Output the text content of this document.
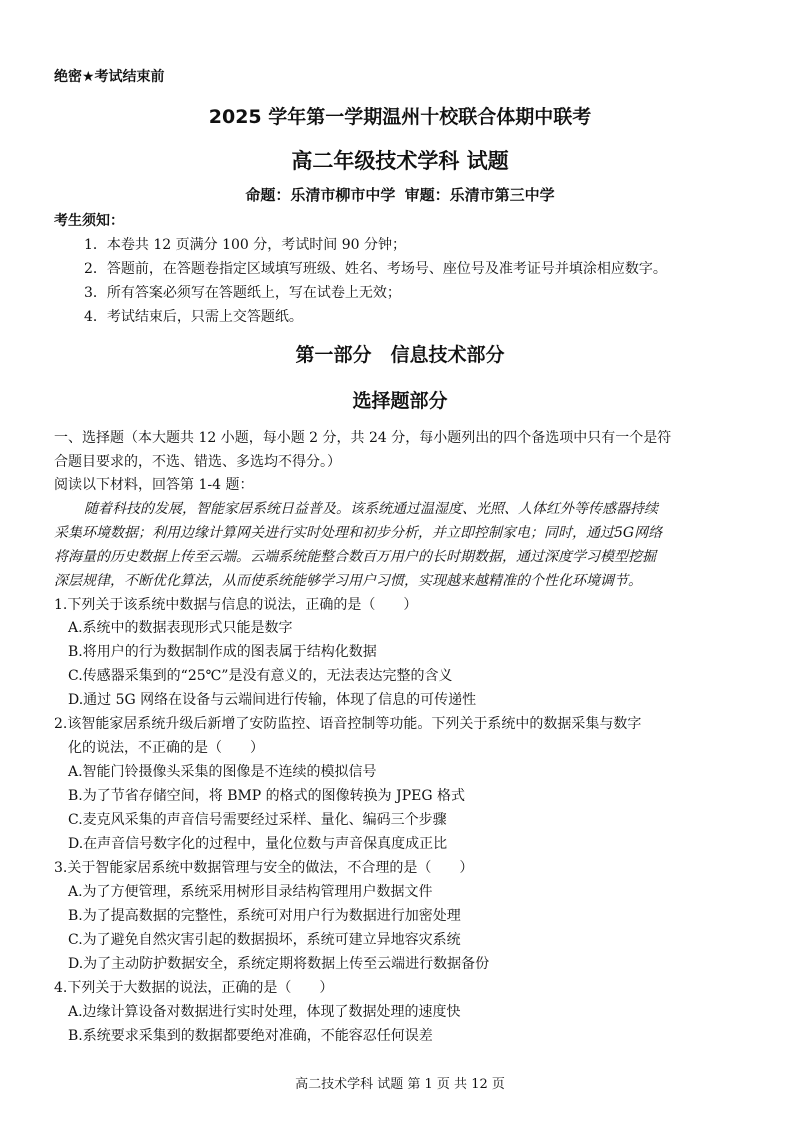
绝密★考试结束前
2025 学年第一学期温州十校联合体期中联考
高二年级技术学科 试题
命题：乐清市柳市中学 审题：乐清市第三中学
考生须知：
1．本卷共 12 页满分 100 分，考试时间 90 分钟；
2．答题前，在答题卷指定区域填写班级、姓名、考场号、座位号及准考证号并填涂相应数字。
3．所有答案必须写在答题纸上，写在试卷上无效；
4．考试结束后，只需上交答题纸。
第一部分　信息技术部分
选择题部分
一、选择题（本大题共 12 小题，每小题 2 分，共 24 分，每小题列出的四个备选项中只有一个是符
合题目要求的，不选、错选、多选均不得分。）
阅读以下材料，回答第 1-4 题：
随着科技的发展，智能家居系统日益普及。该系统通过温湿度、光照、人体红外等传感器持续
采集环境数据；利用边缘计算网关进行实时处理和初步分析，并立即控制家电；同时，通过5G网络
将海量的历史数据上传至云端。云端系统能整合数百万用户的长时期数据，通过深度学习模型挖掘
深层规律，不断优化算法，从而使系统能够学习用户习惯，实现越来越精准的个性化环境调节。
1.下列关于该系统中数据与信息的说法，正确的是（　　）
A.系统中的数据表现形式只能是数字
B.将用户的行为数据制作成的图表属于结构化数据
C.传感器采集到的“25℃”是没有意义的，无法表达完整的含义
D.通过 5G 网络在设备与云端间进行传输，体现了信息的可传递性
2.该智能家居系统升级后新增了安防监控、语音控制等功能。下列关于系统中的数据采集与数字
化的说法，不正确的是（　　）
A.智能门铃摄像头采集的图像是不连续的模拟信号
B.为了节省存储空间，将 BMP 的格式的图像转换为 JPEG 格式
C.麦克风采集的声音信号需要经过采样、量化、编码三个步骤
D.在声音信号数字化的过程中，量化位数与声音保真度成正比
3.关于智能家居系统中数据管理与安全的做法，不合理的是（　　）
A.为了方便管理，系统采用树形目录结构管理用户数据文件
B.为了提高数据的完整性，系统可对用户行为数据进行加密处理
C.为了避免自然灾害引起的数据损坏，系统可建立异地容灾系统
D.为了主动防护数据安全，系统定期将数据上传至云端进行数据备份
4.下列关于大数据的说法，正确的是（　　）
A.边缘计算设备对数据进行实时处理，体现了数据处理的速度快
B.系统要求采集到的数据都要绝对准确，不能容忍任何误差
高二技术学科 试题 第 1 页 共 12 页
